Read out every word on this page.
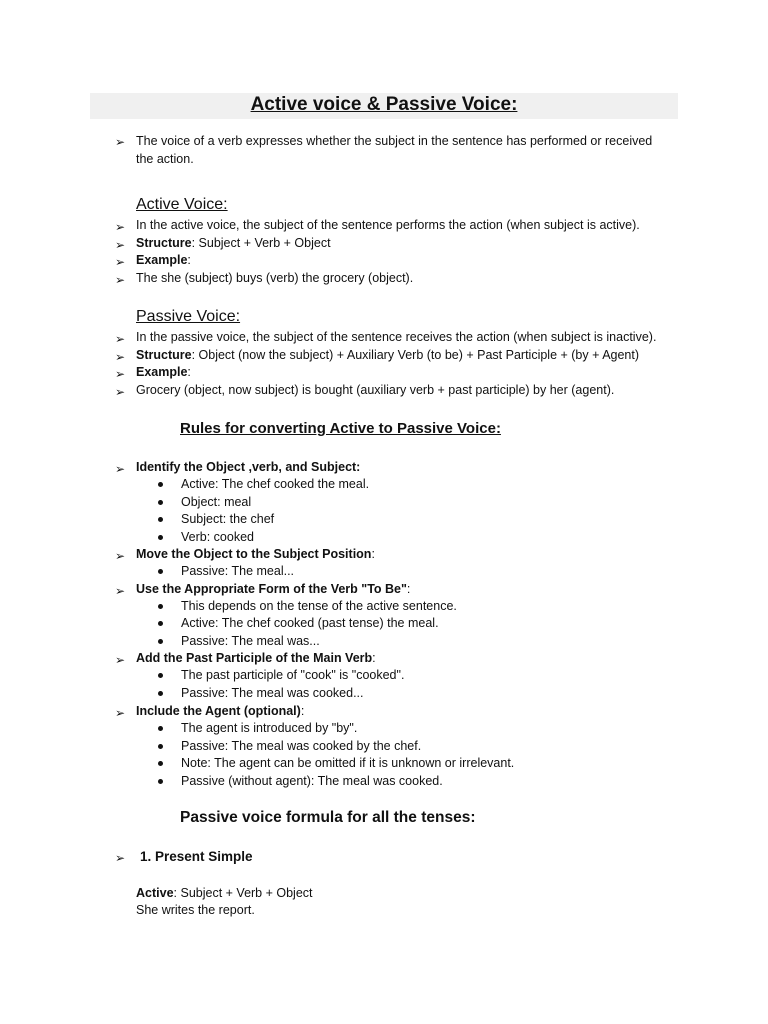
Active voice & Passive Voice:
➢ The voice of a verb expresses whether the subject in the sentence has performed or received the action.
Active Voice:
➢ In the active voice, the subject of the sentence performs the action (when subject is active).
➢ Structure: Subject + Verb + Object
➢ Example:
➢ The she (subject) buys (verb) the grocery (object).
Passive Voice:
➢ In the passive voice, the subject of the sentence receives the action (when subject is inactive).
➢ Structure: Object (now the subject) + Auxiliary Verb (to be) + Past Participle + (by + Agent)
➢ Example:
➢ Grocery (object, now subject) is bought (auxiliary verb + past participle) by her (agent).
Rules for converting Active to Passive Voice:
➢ Identify the Object ,verb, and Subject:
Active: The chef cooked the meal.
Object: meal
Subject: the chef
Verb: cooked
➢ Move the Object to the Subject Position:
Passive: The meal...
➢ Use the Appropriate Form of the Verb "To Be":
This depends on the tense of the active sentence.
Active: The chef cooked (past tense) the meal.
Passive: The meal was...
➢ Add the Past Participle of the Main Verb:
The past participle of "cook" is "cooked".
Passive: The meal was cooked...
➢ Include the Agent (optional):
The agent is introduced by "by".
Passive: The meal was cooked by the chef.
Note: The agent can be omitted if it is unknown or irrelevant.
Passive (without agent): The meal was cooked.
Passive voice formula for all the tenses:
➢ 1. Present Simple
Active: Subject + Verb + Object
She writes the report.
